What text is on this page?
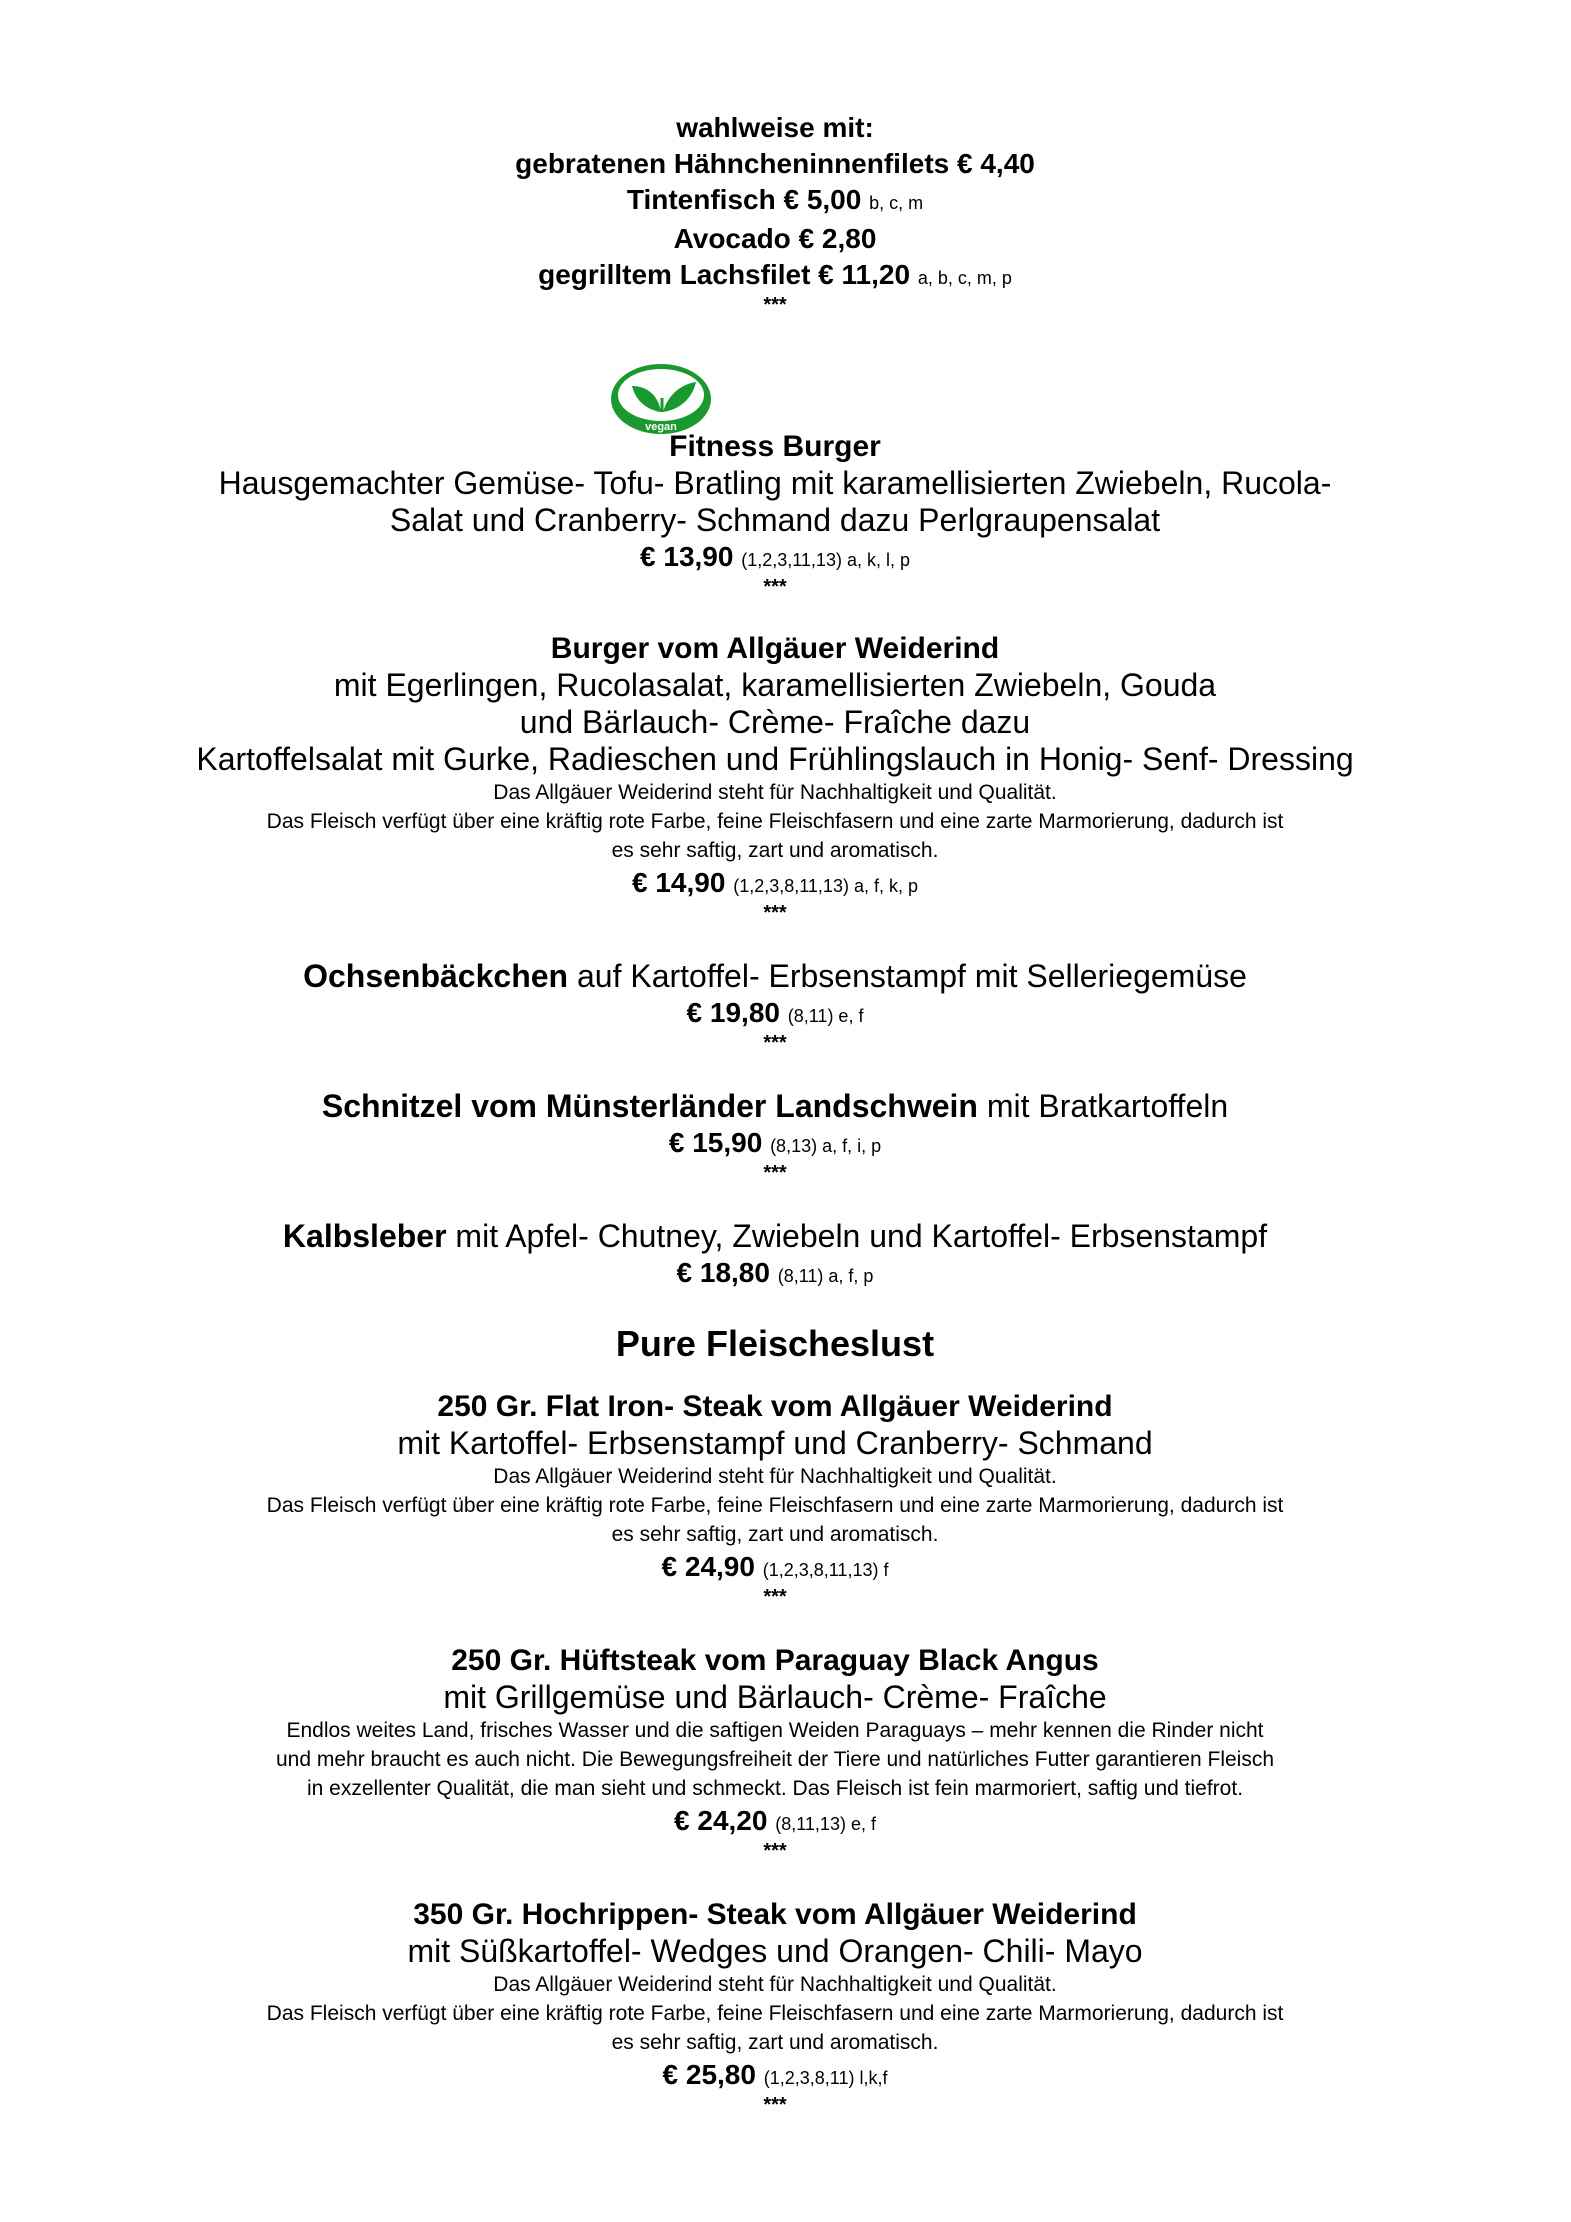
wahlweise mit:
gebratenen Hähncheninnenfilets € 4,40
Tintenfisch € 5,00 b, c, m
Avocado € 2,80
gegrilltem Lachsfilet € 11,20 a, b, c, m, p
***
vegan
Fitness Burger
Hausgemachter Gemüse- Tofu- Bratling mit karamellisierten Zwiebeln, Rucola-
Salat und Cranberry- Schmand dazu Perlgraupensalat
€ 13,90 (1,2,3,11,13) a, k, l, p
***
Burger vom Allgäuer Weiderind
mit Egerlingen, Rucolasalat, karamellisierten Zwiebeln, Gouda
und Bärlauch- Crème- Fraîche dazu
Kartoffelsalat mit Gurke, Radieschen und Frühlingslauch in Honig- Senf- Dressing
Das Allgäuer Weiderind steht für Nachhaltigkeit und Qualität.
Das Fleisch verfügt über eine kräftig rote Farbe, feine Fleischfasern und eine zarte Marmorierung, dadurch ist
es sehr saftig, zart und aromatisch.
€ 14,90 (1,2,3,8,11,13) a, f, k, p
***
Ochsenbäckchen auf Kartoffel- Erbsenstampf mit Selleriegemüse
€ 19,80 (8,11) e, f
***
Schnitzel vom Münsterländer Landschwein mit Bratkartoffeln
€ 15,90 (8,13) a, f, i, p
***
Kalbsleber mit Apfel- Chutney, Zwiebeln und Kartoffel- Erbsenstampf
€ 18,80 (8,11) a, f, p
Pure Fleischeslust
250 Gr. Flat Iron- Steak vom Allgäuer Weiderind
mit Kartoffel- Erbsenstampf und Cranberry- Schmand
Das Allgäuer Weiderind steht für Nachhaltigkeit und Qualität.
Das Fleisch verfügt über eine kräftig rote Farbe, feine Fleischfasern und eine zarte Marmorierung, dadurch ist
es sehr saftig, zart und aromatisch.
€ 24,90 (1,2,3,8,11,13) f
***
250 Gr. Hüftsteak vom Paraguay Black Angus
mit Grillgemüse und Bärlauch- Crème- Fraîche
Endlos weites Land, frisches Wasser und die saftigen Weiden Paraguays – mehr kennen die Rinder nicht
und mehr braucht es auch nicht. Die Bewegungsfreiheit der Tiere und natürliches Futter garantieren Fleisch
in exzellenter Qualität, die man sieht und schmeckt. Das Fleisch ist fein marmoriert, saftig und tiefrot.
€ 24,20 (8,11,13) e, f
***
350 Gr. Hochrippen- Steak vom Allgäuer Weiderind
mit Süßkartoffel- Wedges und Orangen- Chili- Mayo
Das Allgäuer Weiderind steht für Nachhaltigkeit und Qualität.
Das Fleisch verfügt über eine kräftig rote Farbe, feine Fleischfasern und eine zarte Marmorierung, dadurch ist
es sehr saftig, zart und aromatisch.
€ 25,80 (1,2,3,8,11) l,k,f
***
